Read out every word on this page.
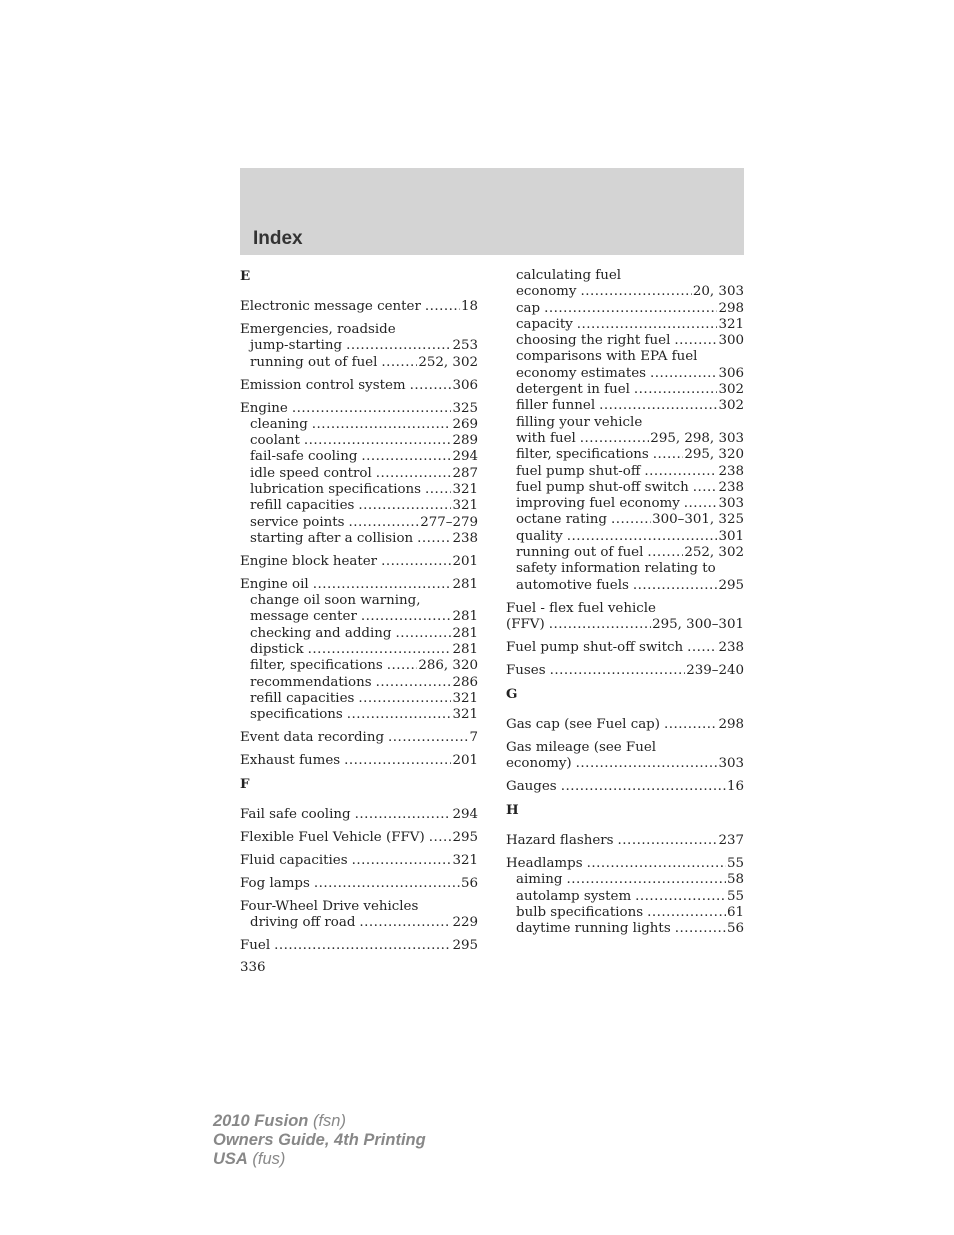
Index
E
Electronic message center .....	18
Emergencies, roadside
jump-starting .....	253
running out of fuel .....	252, 302
Emission control system .....	306
Engine .....	325
cleaning .....	269
coolant .....	289
fail-safe cooling .....	294
idle speed control .....	287
lubrication specifications ..... 321
refill capacities .....	321
service points .....	277–279
starting after a collision .....	238
Engine block heater .....	201
Engine oil .....	281
change oil soon warning,
message center .....	281
checking and adding .....	281
dipstick .....	281
filter, specifications .....	286, 320
recommendations .....	286
refill capacities .....	321
specifications .....	321
Event data recording .....	7
Exhaust fumes .....	201
F
Fail safe cooling .....	294
Flexible Fuel Vehicle (FFV) ..... 295
Fluid capacities .....	321
Fog lamps .....	56
Four-Wheel Drive vehicles
driving off road .....	229
Fuel .....	295
calculating fuel
economy .....	20, 303
cap .....	298
capacity .....	321
choosing the right fuel .....	300
comparisons with EPA fuel
economy estimates .....	306
detergent in fuel .....	302
filler funnel .....	302
filling your vehicle
with fuel .....	295, 298, 303
filter, specifications .....	295, 320
fuel pump shut-off .....	238
fuel pump shut-off switch ..... 238
improving fuel economy .....	303
octane rating .....	300–301, 325
quality .....	301
running out of fuel .....	252, 302
safety information relating to
automotive fuels .....	295
Fuel - flex fuel vehicle
(FFV) .....	295, 300–301
Fuel pump shut-off switch .....	238
Fuses .....	239–240
G
Gas cap (see Fuel cap) .....	298
Gas mileage (see Fuel
economy) .....	303
Gauges .....	16
H
Hazard flashers .....	237
Headlamps .....	55
aiming .....	58
autolamp system .....	55
bulb specifications .....	61
daytime running lights .....	56
336
2010 Fusion (fsn)
Owners Guide, 4th Printing
USA (fus)
